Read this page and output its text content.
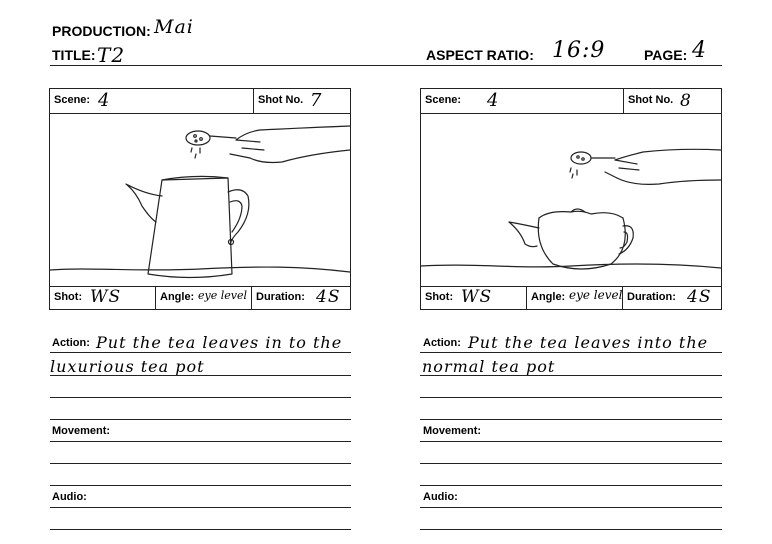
PRODUCTION: Mai
TITLE: T2	ASPECT RATIO: 16:9	PAGE: 4
Scene: 4	Shot No. 7
Shot: WS	Angle: eye level Duration: 4S
Action: Put the tea leaves in to the
luxurious tea pot
Movement:
Audio:
Scene: 4	Shot No. 8
Shot: WS	Angle: eye level Duration: 4S
Action: Put the tea leaves into the
normal tea pot
Movement:
Audio:
